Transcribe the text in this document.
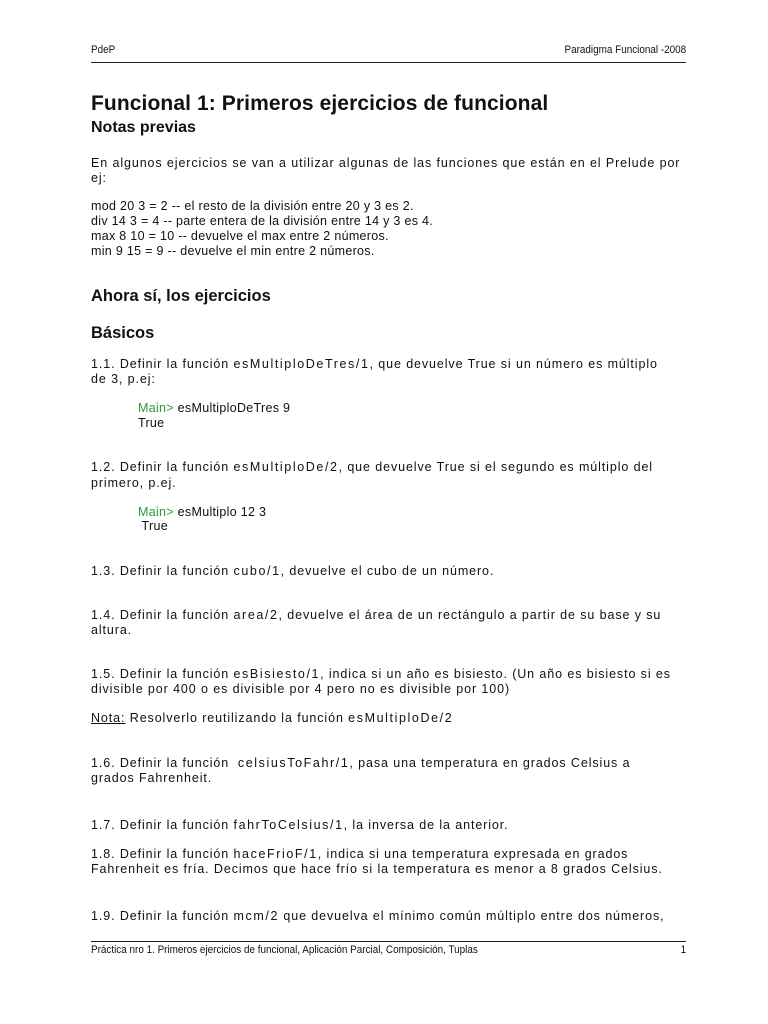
PdeP	Paradigma Funcional -2008
Funcional 1: Primeros ejercicios de funcional
Notas previas
En algunos ejercicios se van a utilizar algunas de las funciones que están en el Prelude por
ej:
mod 20 3 = 2 -- el resto de la división entre 20 y 3 es 2.
div 14 3 = 4 -- parte entera de la división entre 14 y 3 es 4.
max 8 10 = 10 -- devuelve el max entre 2 números.
min 9 15 = 9 -- devuelve el min entre 2 números.
Ahora sí, los ejercicios
Básicos
1.1. Definir la función esMultiploDeTres/1, que devuelve True si un número es múltiplo
de 3, p.ej:
Main> esMultiploDeTres 9
True
1.2. Definir la función esMultiploDe/2, que devuelve True si el segundo es múltiplo del
primero, p.ej.
Main> esMultiplo 12 3
True
1.3. Definir la función cubo/1, devuelve el cubo de un número.
1.4. Definir la función area/2, devuelve el área de un rectángulo a partir de su base y su
altura.
1.5. Definir la función esBisiesto/1, indica si un año es bisiesto. (Un año es bisiesto si es
divisible por 400 o es divisible por 4 pero no es divisible por 100)
Nota: Resolverlo reutilizando la función esMultiploDe/2
1.6. Definir la función  celsiusToFahr/1, pasa una temperatura en grados Celsius a
grados Fahrenheit.
1.7. Definir la función fahrToCelsius/1, la inversa de la anterior.
1.8. Definir la función haceFrioF/1, indica si una temperatura expresada en grados
Fahrenheit es fría. Decimos que hace frío si la temperatura es menor a 8 grados Celsius.
1.9. Definir la función mcm/2 que devuelva el mínimo común múltiplo entre dos números,
Práctica nro 1. Primeros ejercicios de funcional, Aplicación Parcial, Composición, Tuplas	1
